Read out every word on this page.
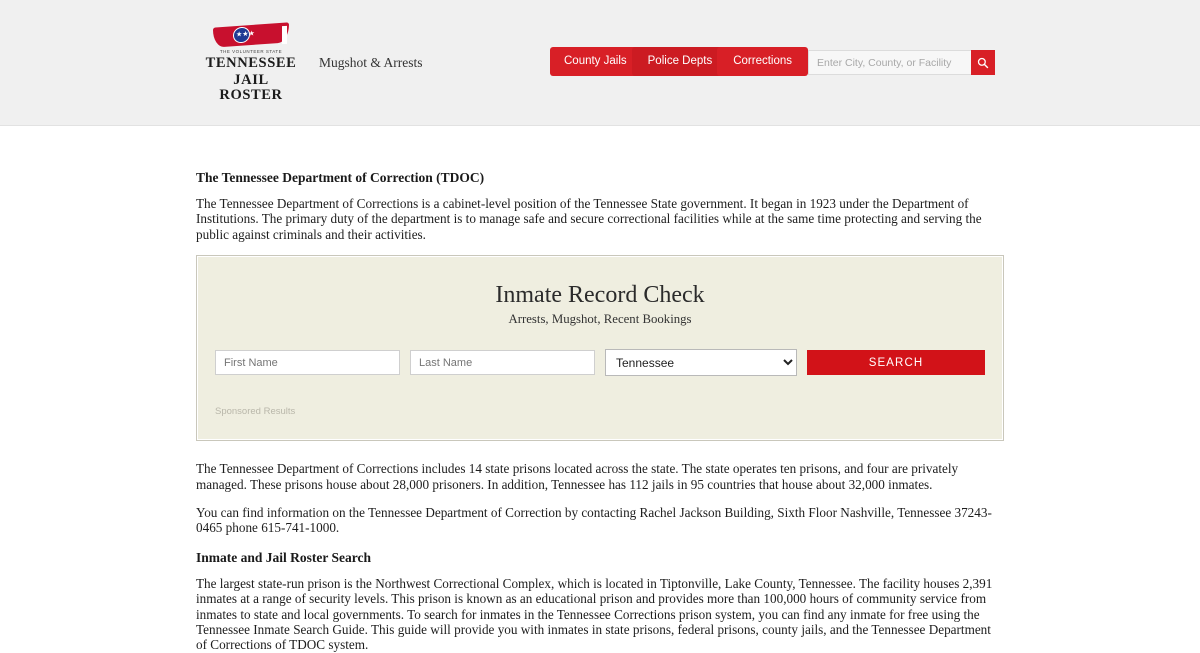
★★★
THE VOLUNTEER STATE
TENNESSEE
JAIL ROSTER
Mugshot & Arrests	County Jails	Police Depts	Corrections
Enter City, County, or Facility
The Tennessee Department of Correction (TDOC)

The Tennessee Department of Corrections is a cabinet-level position of the Tennessee State government. It began in 1923 under the Department of Institutions. The primary duty of the department is to manage safe and secure correctional facilities while at the same time protecting and serving the public against criminals and their activities.

Inmate Record Check
Arrests, Mugshot, Recent Bookings
First Name
Last Name
Tennessee
SEARCH
Sponsored Results

The Tennessee Department of Corrections includes 14 state prisons located across the state. The state operates ten prisons, and four are privately managed. These prisons house about 28,000 prisoners. In addition, Tennessee has 112 jails in 95 countries that house about 32,000 inmates.

You can find information on the Tennessee Department of Correction by contacting Rachel Jackson Building, Sixth Floor Nashville, Tennessee 37243-0465 phone 615-741-1000.

Inmate and Jail Roster Search

The largest state-run prison is the Northwest Correctional Complex, which is located in Tiptonville, Lake County, Tennessee. The facility houses 2,391 inmates at a range of security levels. This prison is known as an educational prison and provides more than 100,000 hours of community service from inmates to state and local governments. To search for inmates in the Tennessee Corrections prison system, you can find any inmate for free using the Tennessee Inmate Search Guide. This guide will provide you with inmates in state prisons, federal prisons, county jails, and the Tennessee Department of Corrections of TDOC system.
